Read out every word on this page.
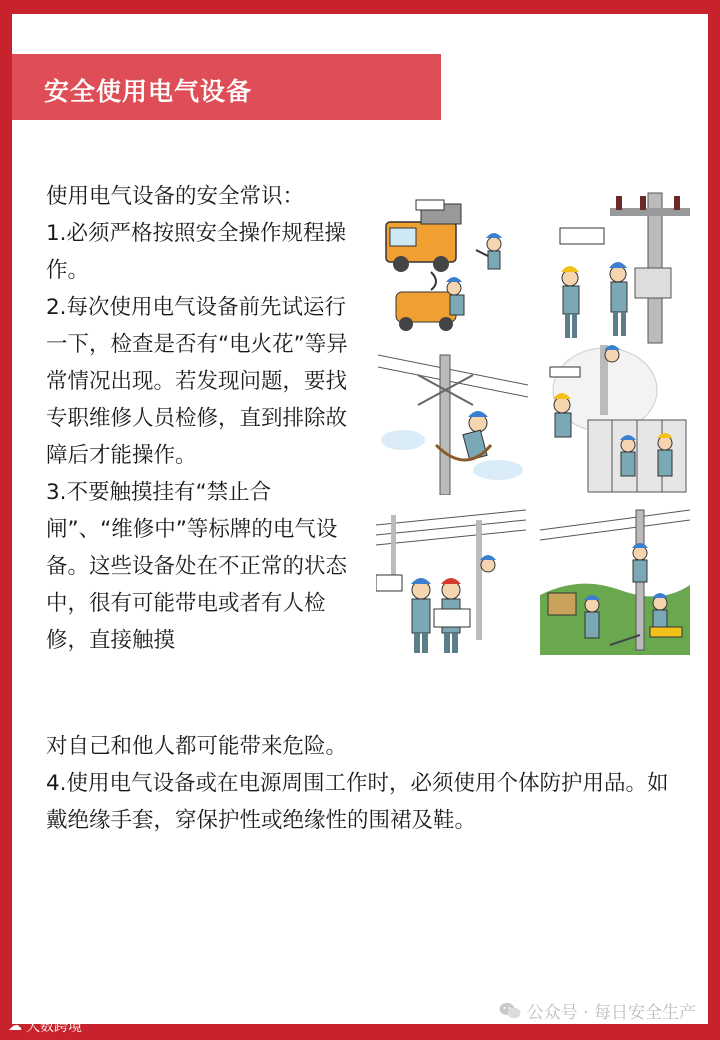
安全使用电气设备

使用电气设备的安全常识：

1.必须严格按照安全操作规程操作。

2.每次使用电气设备前先试运行一下，检查是否有“电火花”等异常情况出现。若发现问题，要找专职维修人员检修，直到排除故障后才能操作。

3.不要触摸挂有“禁止合闸”、“维修中”等标牌的电气设备。这些设备处在不正常的状态中，很有可能带电或者有人检修，直接触摸

对自己和他人都可能带来危险。

4.使用电气设备或在电源周围工作时，必须使用个体防护用品。如戴绝缘手套，穿保护性或绝缘性的围裙及鞋。

公众号 · 每日安全生产
☁ 大数跨境
